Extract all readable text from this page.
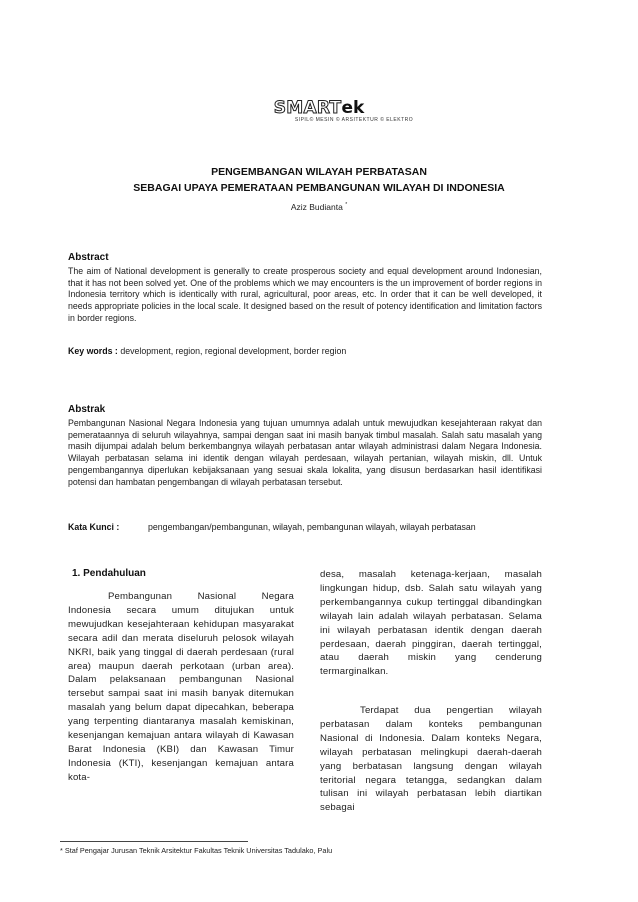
SMARTek
SIPIL© MESIN © ARSITEKTUR © ELEKTRO
PENGEMBANGAN WILAYAH PERBATASAN
SEBAGAI UPAYA PEMERATAAN PEMBANGUNAN WILAYAH DI INDONESIA
Aziz Budianta *
Abstract
The aim of National development is generally to create prosperous society and equal development around Indonesian, that it has not been solved yet. One of the problems which we may encounters is the un improvement of border regions in Indonesia territory which is identically with rural, agricultural, poor areas, etc. In order that it can be well developed, it needs appropriate policies in the local scale. It designed based on the result of potency identification and limitation factors in border regions.
Key words : development, region, regional development, border region
Abstrak
Pembangunan Nasional Negara Indonesia yang tujuan umumnya adalah untuk mewujudkan kesejahteraan rakyat dan pemerataannya di seluruh wilayahnya, sampai dengan saat ini masih banyak timbul masalah. Salah satu masalah yang masih dijumpai adalah belum berkembangnya wilayah perbatasan antar wilayah administrasi dalam Negara Indonesia. Wilayah perbatasan selama ini identik dengan wilayah perdesaan, wilayah pertanian, wilayah miskin, dll. Untuk pengembangannya diperlukan kebijaksanaan yang sesuai skala lokalita, yang disusun berdasarkan hasil identifikasi potensi dan hambatan pengembangan di wilayah perbatasan tersebut.
Kata Kunci :	pengembangan/pembangunan, wilayah, pembangunan wilayah, wilayah perbatasan
1. Pendahuluan
Pembangunan Nasional Negara Indonesia secara umum ditujukan untuk mewujudkan kesejahteraan kehidupan masyarakat secara adil dan merata diseluruh pelosok wilayah NKRI, baik yang tinggal di daerah perdesaan (rural area) maupun daerah perkotaan (urban area). Dalam pelaksanaan pembangunan Nasional tersebut sampai saat ini masih banyak ditemukan masalah yang belum dapat dipecahkan, beberapa yang terpenting diantaranya masalah kemiskinan, kesenjangan kemajuan antara wilayah di Kawasan Barat Indonesia (KBI) dan Kawasan Timur Indonesia (KTI), kesenjangan kemajuan antara kota-
desa, masalah ketenaga-kerjaan, masalah lingkungan hidup, dsb. Salah satu wilayah yang perkembangannya cukup tertinggal dibandingkan wilayah lain adalah wilayah perbatasan. Selama ini wilayah perbatasan identik dengan daerah perdesaan, daerah pinggiran, daerah tertinggal, atau daerah miskin yang cenderung termarginalkan.
Terdapat dua pengertian wilayah perbatasan dalam konteks pembangunan Nasional di Indonesia. Dalam konteks Negara, wilayah perbatasan melingkupi daerah-daerah yang berbatasan langsung dengan wilayah teritorial negara tetangga, sedangkan dalam tulisan ini wilayah perbatasan lebih diartikan sebagai
* Staf Pengajar Jurusan Teknik Arsitektur Fakultas Teknik Universitas Tadulako, Palu
